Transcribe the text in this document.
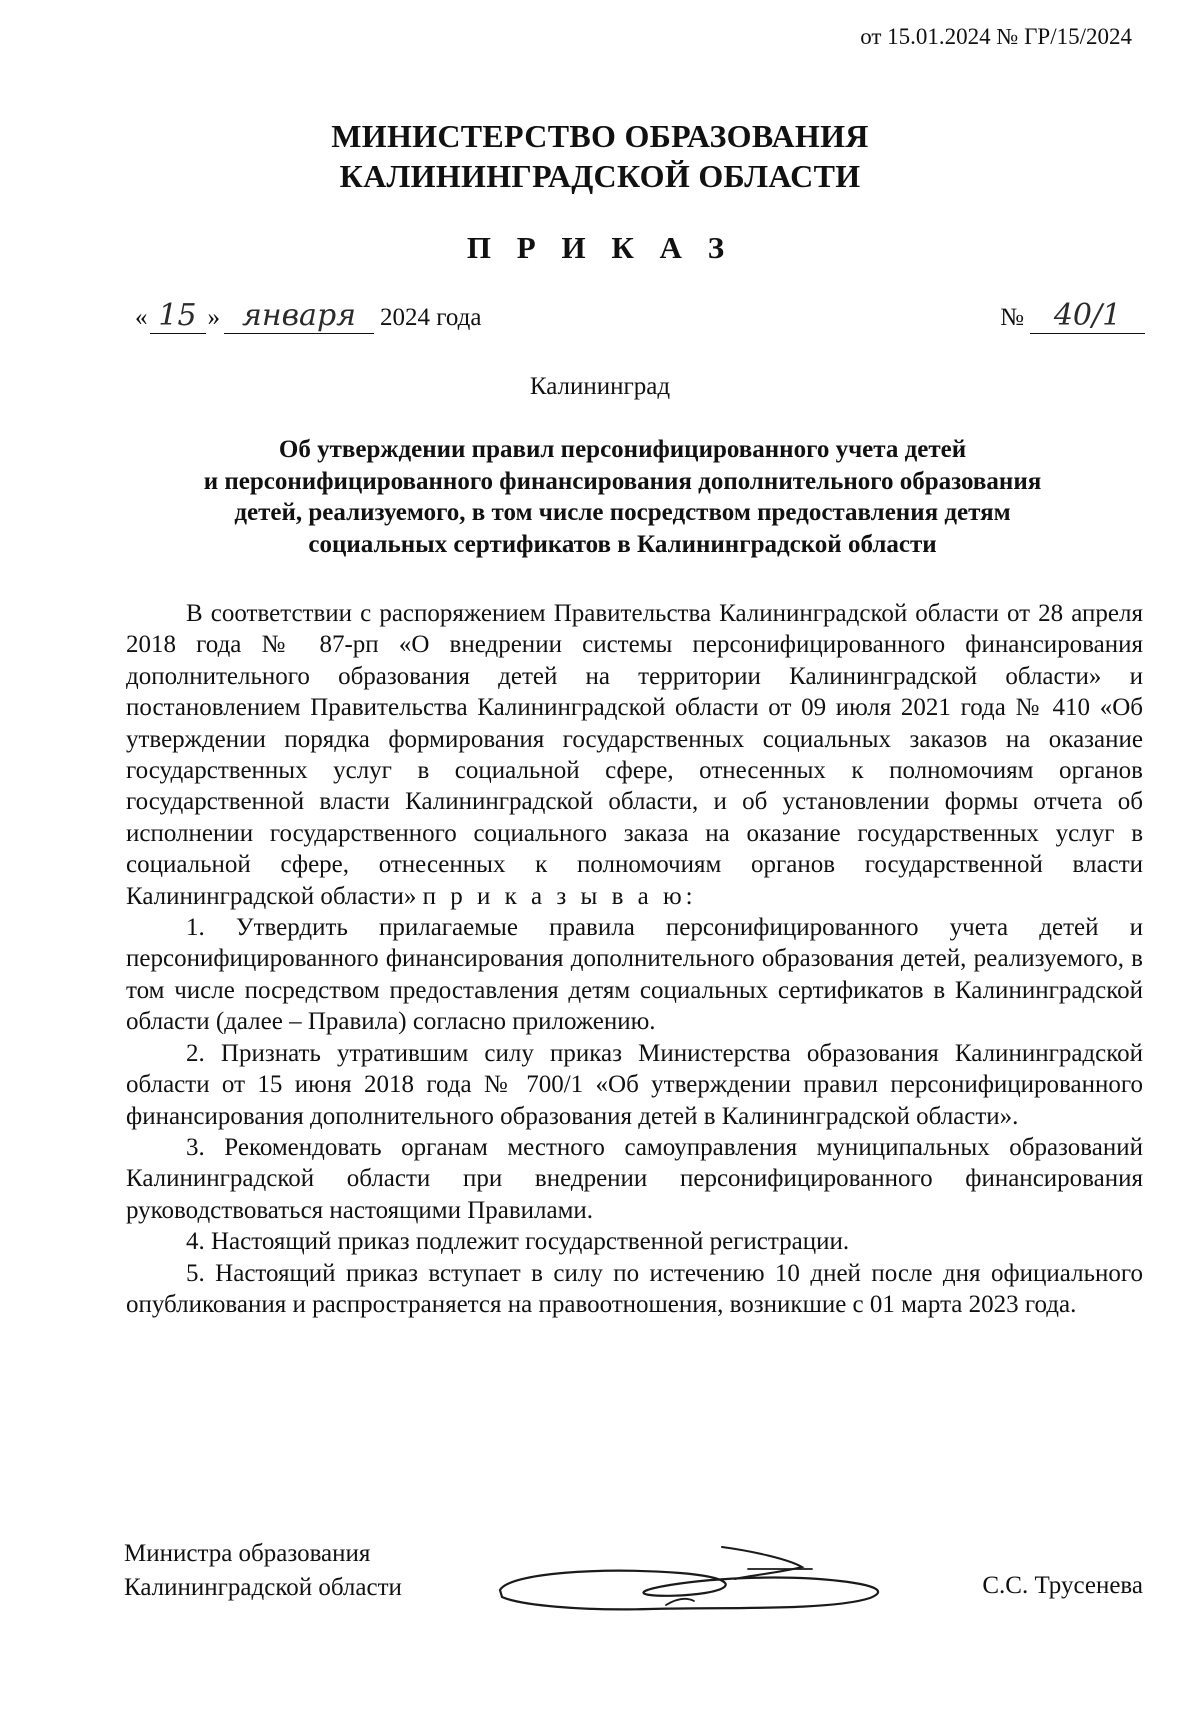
от 15.01.2024 № ГР/15/2024
МИНИСТЕРСТВО ОБРАЗОВАНИЯ
КАЛИНИНГРАДСКОЙ ОБЛАСТИ
П Р И К А З
« 15 » января 2024 года	№ 40/1
Калининград
Об утверждении правил персонифицированного учета детей
и персонифицированного финансирования дополнительного образования
детей, реализуемого, в том числе посредством предоставления детям
социальных сертификатов в Калининградской области

В соответствии с распоряжением Правительства Калининградской области от 28 апреля 2018 года № 87-рп «О внедрении системы персонифицированного финансирования дополнительного образования детей на территории Калининградской области» и постановлением Правительства Калининградской области от 09 июля 2021 года № 410 «Об утверждении порядка формирования государственных социальных заказов на оказание государственных услуг в социальной сфере, отнесенных к полномочиям органов государственной власти Калининградской области, и об установлении формы отчета об исполнении государственного социального заказа на оказание государственных услуг в социальной сфере, отнесенных к полномочиям органов государственной власти Калининградской области» п р и к а з ы в а ю:

1. Утвердить прилагаемые правила персонифицированного учета детей и персонифицированного финансирования дополнительного образования детей, реализуемого, в том числе посредством предоставления детям социальных сертификатов в Калининградской области (далее – Правила) согласно приложению.

2. Признать утратившим силу приказ Министерства образования Калининградской области от 15 июня 2018 года № 700/1 «Об утверждении правил персонифицированного финансирования дополнительного образования детей в Калининградской области».

3. Рекомендовать органам местного самоуправления муниципальных образований Калининградской области при внедрении персонифицированного финансирования руководствоваться настоящими Правилами.

4. Настоящий приказ подлежит государственной регистрации.

5. Настоящий приказ вступает в силу по истечению 10 дней после дня официального опубликования и распространяется на правоотношения, возникшие с 01 марта 2023 года.

Министра образования
Калининградской области	С.С. Трусенева
